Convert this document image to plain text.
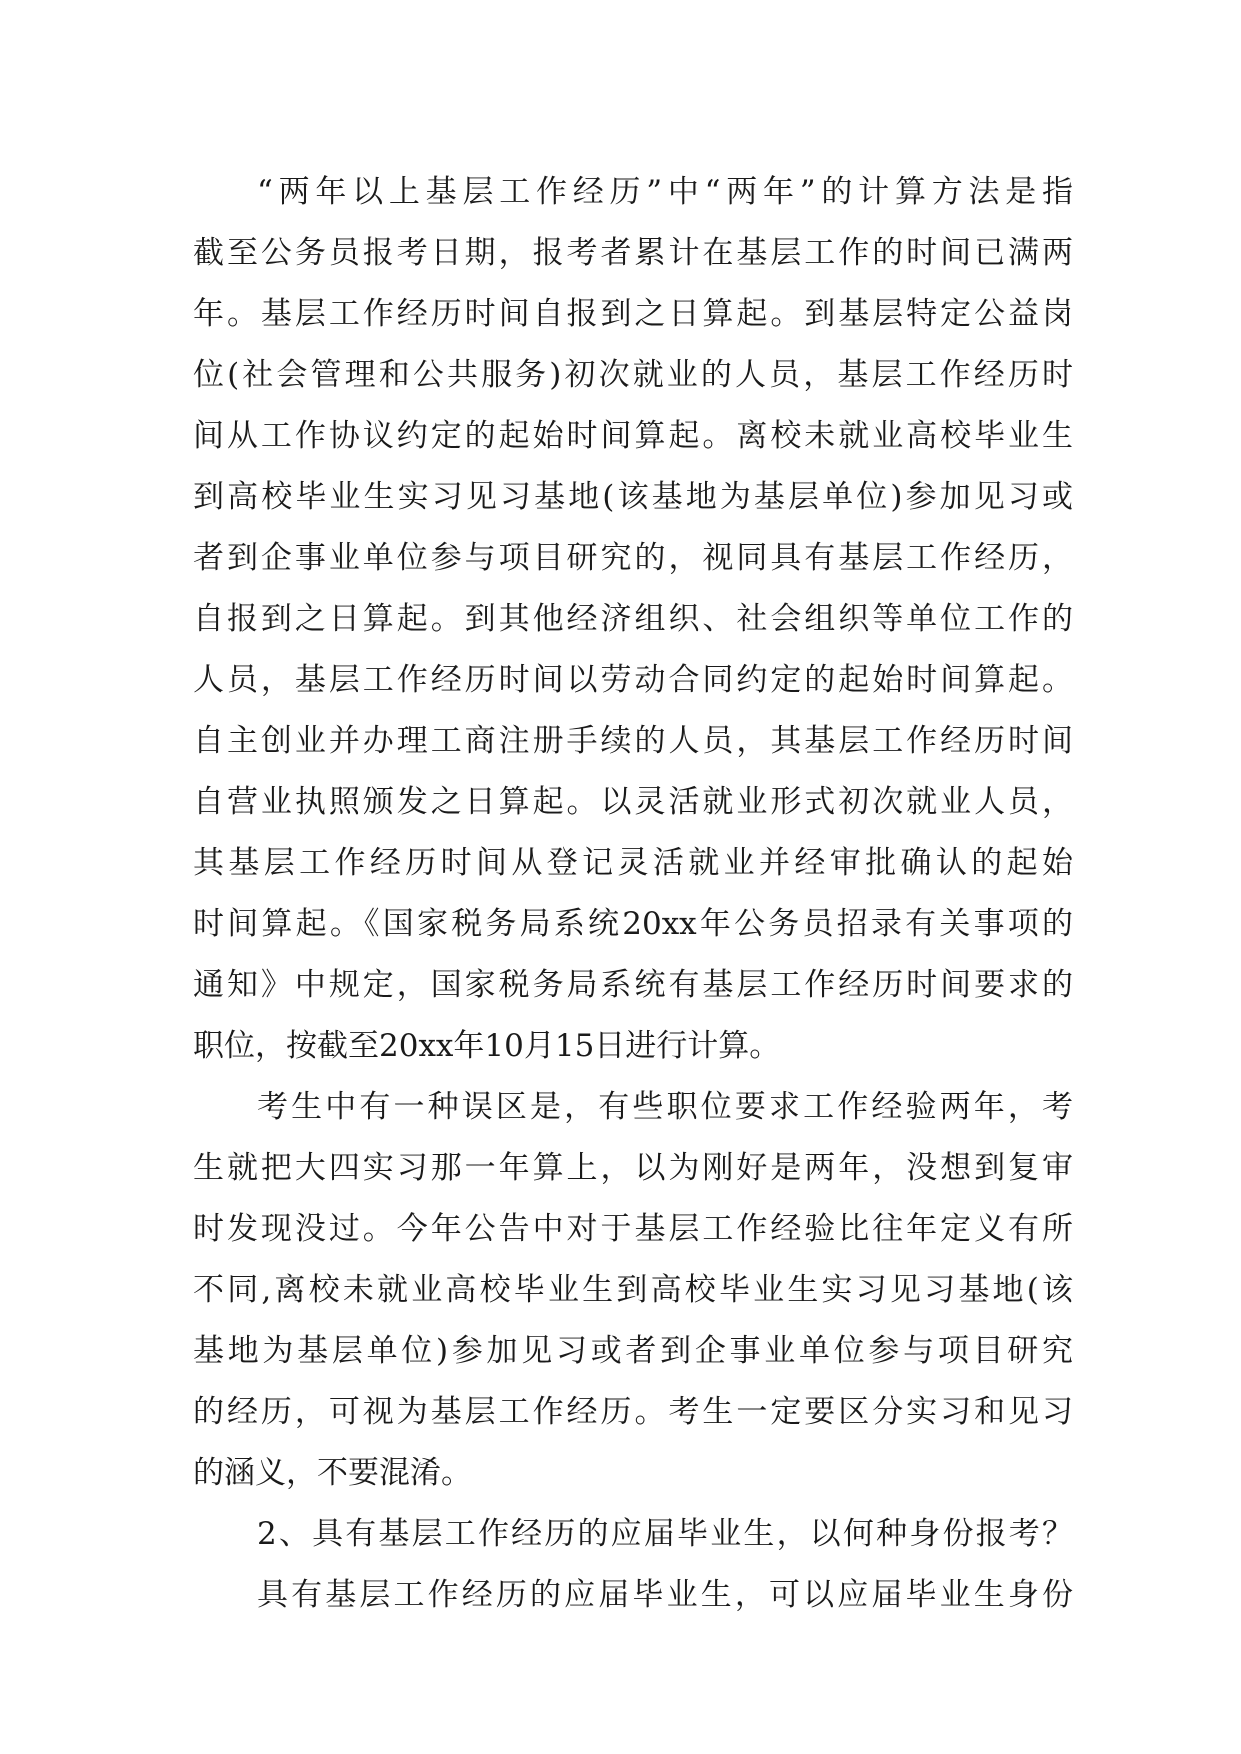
“两年以上基层工作经历”中“两年”的计算方法是指
截至公务员报考日期，报考者累计在基层工作的时间已满两
年。基层工作经历时间自报到之日算起。到基层特定公益岗
位(社会管理和公共服务)初次就业的人员，基层工作经历时
间从工作协议约定的起始时间算起。离校未就业高校毕业生
到高校毕业生实习见习基地(该基地为基层单位)参加见习或
者到企事业单位参与项目研究的，视同具有基层工作经历，
自报到之日算起。到其他经济组织、社会组织等单位工作的
人员，基层工作经历时间以劳动合同约定的起始时间算起。
自主创业并办理工商注册手续的人员，其基层工作经历时间
自营业执照颁发之日算起。以灵活就业形式初次就业人员，
其基层工作经历时间从登记灵活就业并经审批确认的起始
时间算起。《国家税务局系统20xx年公务员招录有关事项的
通知》中规定，国家税务局系统有基层工作经历时间要求的
职位，按截至20xx年10月15日进行计算。
考生中有一种误区是，有些职位要求工作经验两年，考
生就把大四实习那一年算上，以为刚好是两年，没想到复审
时发现没过。今年公告中对于基层工作经验比往年定义有所
不同,离校未就业高校毕业生到高校毕业生实习见习基地(该
基地为基层单位)参加见习或者到企事业单位参与项目研究
的经历，可视为基层工作经历。考生一定要区分实习和见习
的涵义，不要混淆。
2、具有基层工作经历的应届毕业生，以何种身份报考？
具有基层工作经历的应届毕业生，可以应届毕业生身份
